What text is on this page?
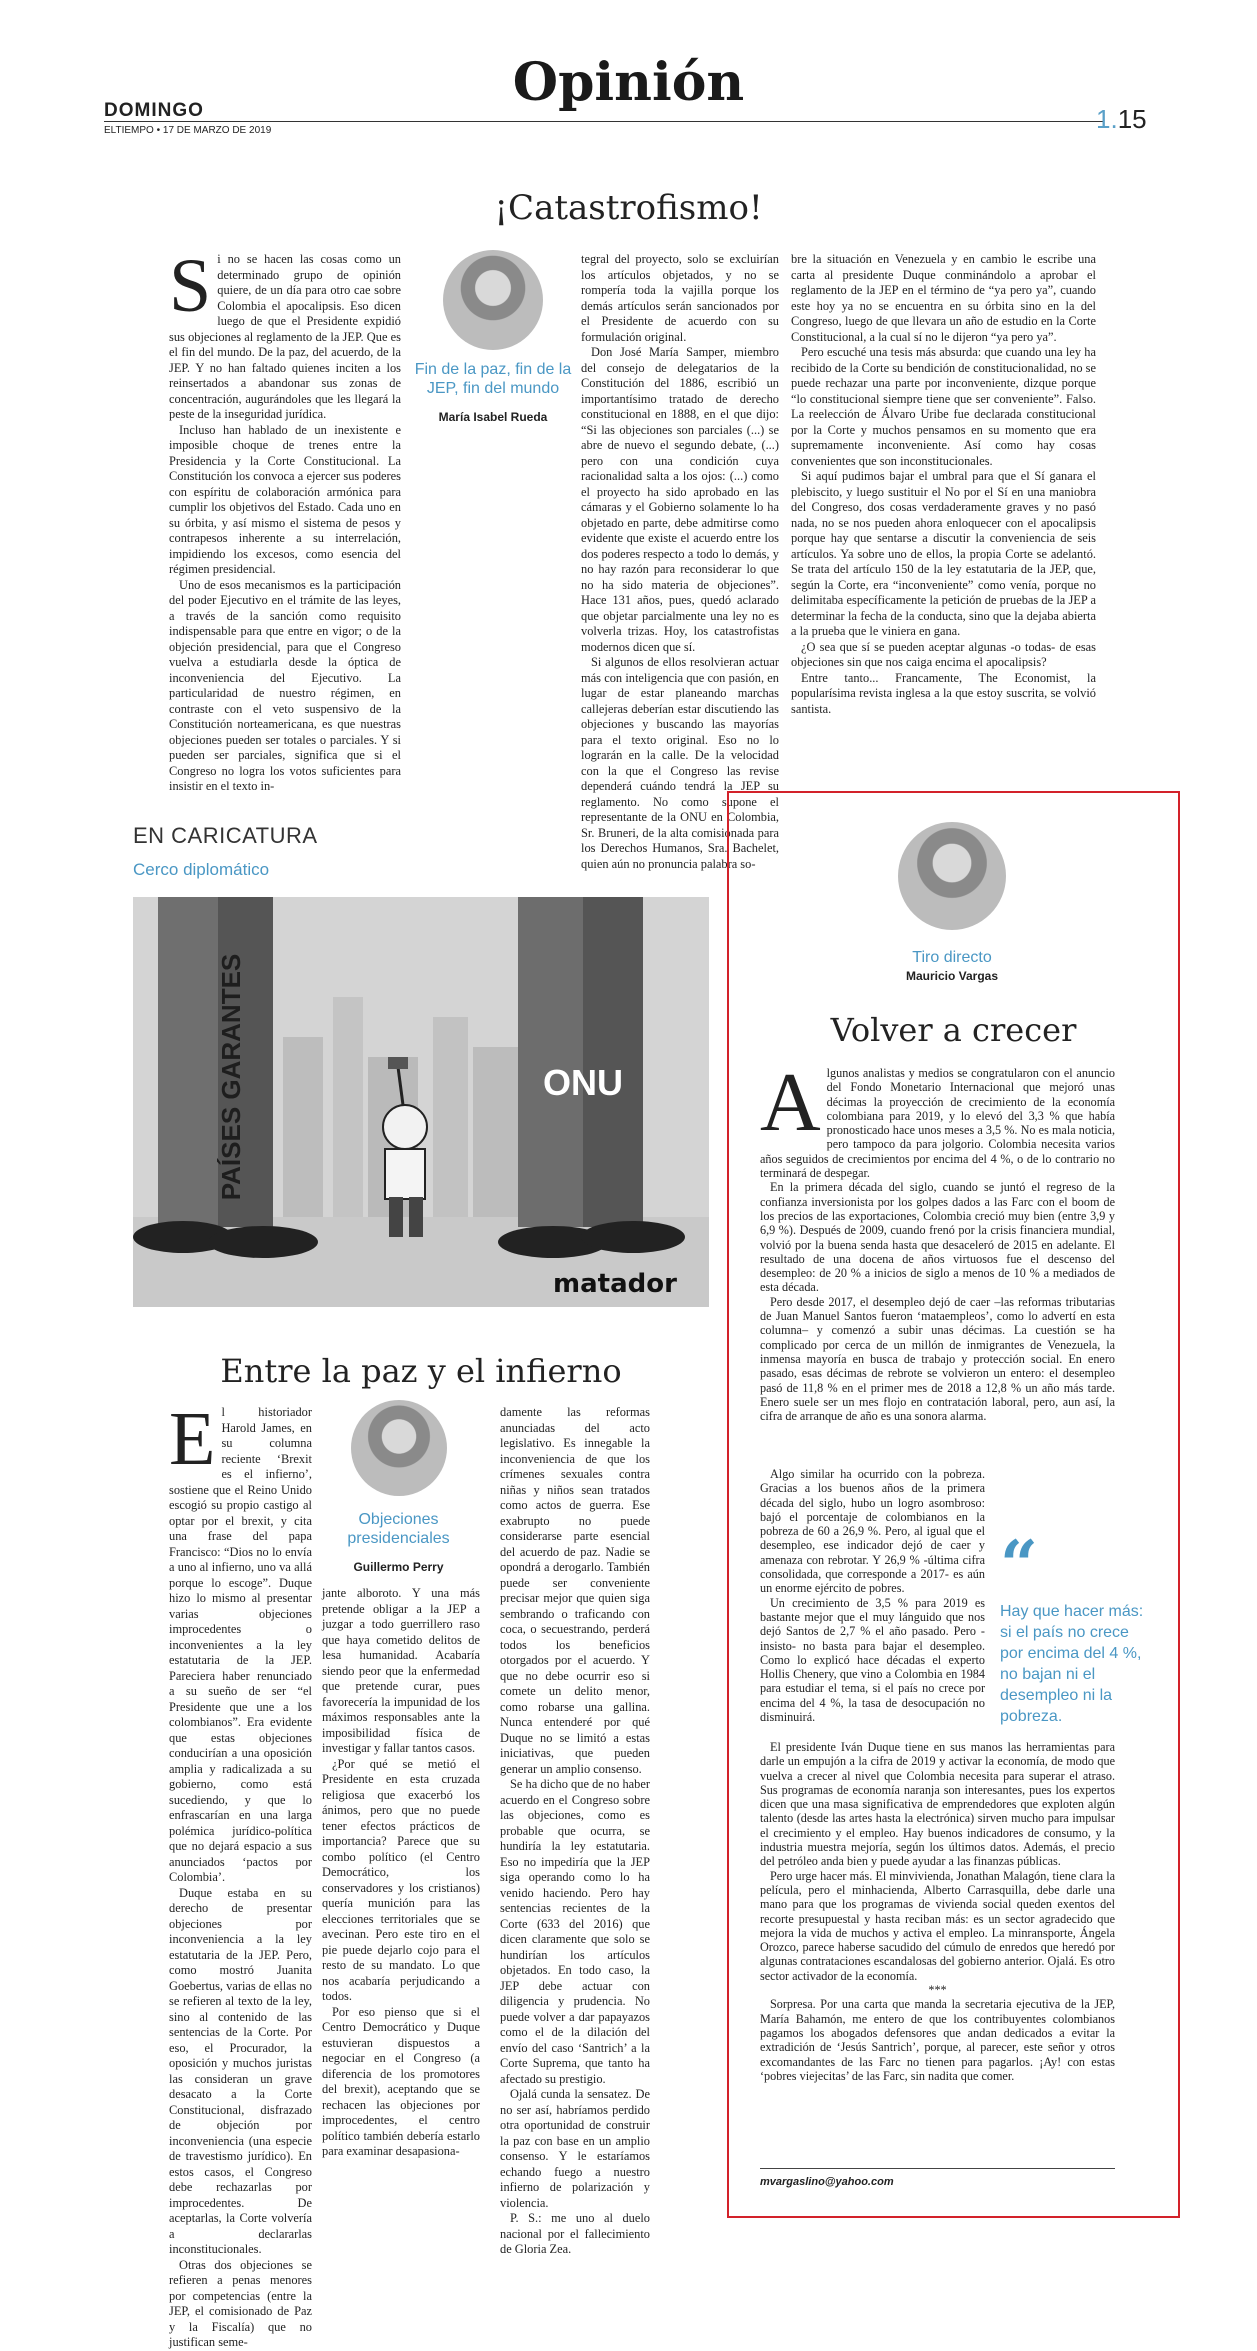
Opinión
DOMINGO
ELTIEMPO • 17 DE MARZO DE 2019	1.15
¡Catastrofismo!

Si no se hacen las cosas como un determinado grupo de opinión quiere, de un día para otro cae sobre Colombia el apocalipsis. Eso dicen luego de que el Presidente expidió sus objeciones al reglamento de la JEP. Que es el fin del mundo. De la paz, del acuerdo, de la JEP. Y no han faltado quienes inciten a los reinsertados a abandonar sus zonas de concentración, augurándoles que les llegará la peste de la inseguridad jurídica.

Incluso han hablado de un inexistente e imposible choque de trenes entre la Presidencia y la Corte Constitucional. La Constitución los convoca a ejercer sus poderes con espíritu de colaboración armónica para cumplir los objetivos del Estado. Cada uno en su órbita, y así mismo el sistema de pesos y contrapesos inherente a su interrelación, impidiendo los excesos, como esencia del régimen presidencial.

Uno de esos mecanismos es la participación del poder Ejecutivo en el trámite de las leyes, a través de la sanción como requisito indispensable para que entre en vigor; o de la objeción presidencial, para que el Congreso vuelva a estudiarla desde la óptica de inconveniencia del Ejecutivo. La particularidad de nuestro régimen, en contraste con el veto suspensivo de la Constitución norteamericana, es que nuestras objeciones pueden ser totales o parciales. Y si pueden ser parciales, significa que si el Congreso no logra los votos suficientes para insistir en el texto in-

Fin de la paz, fin de la JEP, fin del mundo
María Isabel Rueda

tegral del proyecto, solo se excluirían los artículos objetados, y no se rompería toda la vajilla porque los demás artículos serán sancionados por el Presidente de acuerdo con su formulación original.

Don José María Samper, miembro del consejo de delegatarios de la Constitución del 1886, escribió un importantísimo tratado de derecho constitucional en 1888, en el que dijo: “Si las objeciones son parciales (...) se abre de nuevo el segundo debate, (...) pero con una condición cuya racionalidad salta a los ojos: (...) como el proyecto ha sido aprobado en las cámaras y el Gobierno solamente lo ha objetado en parte, debe admitirse como evidente que existe el acuerdo entre los dos poderes respecto a todo lo demás, y no hay razón para reconsiderar lo que no ha sido materia de objeciones”. Hace 131 años, pues, quedó aclarado que objetar parcialmente una ley no es volverla trizas. Hoy, los catastrofistas modernos dicen que sí.

Si algunos de ellos resolvieran actuar más con inteligencia que con pasión, en lugar de estar planeando marchas callejeras deberían estar discutiendo las objeciones y buscando las mayorías para el texto original. Eso no lo lograrán en la calle. De la velocidad con la que el Congreso las revise dependerá cuándo tendrá la JEP su reglamento. No como supone el representante de la ONU en Colombia, Sr. Bruneri, de la alta comisionada para los Derechos Humanos, Sra. Bachelet, quien aún no pronuncia palabra so-

bre la situación en Venezuela y en cambio le escribe una carta al presidente Duque conminándolo a aprobar el reglamento de la JEP en el término de “ya pero ya”, cuando este hoy ya no se encuentra en su órbita sino en la del Congreso, luego de que llevara un año de estudio en la Corte Constitucional, a la cual sí no le dijeron “ya pero ya”.

Pero escuché una tesis más absurda: que cuando una ley ha recibido de la Corte su bendición de constitucionalidad, no se puede rechazar una parte por inconveniente, dizque porque “lo constitucional siempre tiene que ser conveniente”. Falso. La reelección de Álvaro Uribe fue declarada constitucional por la Corte y muchos pensamos en su momento que era supremamente inconveniente. Así como hay cosas convenientes que son inconstitucionales.

Si aquí pudimos bajar el umbral para que el Sí ganara el plebiscito, y luego sustituir el No por el Sí en una maniobra del Congreso, dos cosas verdaderamente graves y no pasó nada, no se nos pueden ahora enloquecer con el apocalipsis porque hay que sentarse a discutir la conveniencia de seis artículos. Ya sobre uno de ellos, la propia Corte se adelantó. Se trata del artículo 150 de la ley estatutaria de la JEP, que, según la Corte, era “inconveniente” como venía, porque no delimitaba específicamente la petición de pruebas de la JEP a determinar la fecha de la conducta, sino que la dejaba abierta a la prueba que le viniera en gana.

¿O sea que sí se pueden aceptar algunas -o todas- de esas objeciones sin que nos caiga encima el apocalipsis?

Entre tanto... Francamente, The Economist, la popularísima revista inglesa a la que estoy suscrita, se volvió santista.

EN CARICATURA
Cerco diplomático
PAÍSES GARANTES	ONU
matador
Entre la paz y el infierno

El historiador Harold James, en su columna reciente ‘Brexit es el infierno’, sostiene que el Reino Unido escogió su propio castigo al optar por el brexit, y cita una frase del papa Francisco: “Dios no lo envía a uno al infierno, uno va allá porque lo escoge”. Duque hizo lo mismo al presentar varias objeciones improcedentes o inconvenientes a la ley estatutaria de la JEP. Pareciera haber renunciado a su sueño de ser “el Presidente que une a los colombianos”. Era evidente que estas objeciones conducirían a una oposición amplia y radicalizada a su gobierno, como está sucediendo, y que lo enfrascarían en una larga polémica jurídico-política que no dejará espacio a sus anunciados ‘pactos por Colombia’.

Duque estaba en su derecho de presentar objeciones por inconveniencia a la ley estatutaria de la JEP. Pero, como mostró Juanita Goebertus, varias de ellas no se refieren al texto de la ley, sino al contenido de las sentencias de la Corte. Por eso, el Procurador, la oposición y muchos juristas las consideran un grave desacato a la Corte Constitucional, disfrazado de objeción por inconveniencia (una especie de travestismo jurídico). En estos casos, el Congreso debe rechazarlas por improcedentes. De aceptarlas, la Corte volvería a declararlas inconstitucionales.

Otras dos objeciones se refieren a penas menores por competencias (entre la JEP, el comisionado de Paz y la Fiscalía) que no justifican seme-

Objeciones presidenciales
Guillermo Perry

jante alboroto. Y una más pretende obligar a la JEP a juzgar a todo guerrillero raso que haya cometido delitos de lesa humanidad. Acabaría siendo peor que la enfermedad que pretende curar, pues favorecería la impunidad de los máximos responsables ante la imposibilidad física de investigar y fallar tantos casos.

¿Por qué se metió el Presidente en esta cruzada religiosa que exacerbó los ánimos, pero que no puede tener efectos prácticos de importancia? Parece que su combo político (el Centro Democrático, los conservadores y los cristianos) quería munición para las elecciones territoriales que se avecinan. Pero este tiro en el pie puede dejarlo cojo para el resto de su mandato. Lo que nos acabaría perjudicando a todos.

Por eso pienso que si el Centro Democrático y Duque estuvieran dispuestos a negociar en el Congreso (a diferencia de los promotores del brexit), aceptando que se rechacen las objeciones por improcedentes, el centro político también debería estarlo para examinar desapasiona-

damente las reformas anunciadas del acto legislativo. Es innegable la inconveniencia de que los crímenes sexuales contra niñas y niños sean tratados como actos de guerra. Ese exabrupto no puede considerarse parte esencial del acuerdo de paz. Nadie se opondrá a derogarlo. También puede ser conveniente precisar mejor que quien siga sembrando o traficando con coca, o secuestrando, perderá todos los beneficios otorgados por el acuerdo. Y que no debe ocurrir eso si comete un delito menor, como robarse una gallina. Nunca entenderé por qué Duque no se limitó a estas iniciativas, que pueden generar un amplio consenso.

Se ha dicho que de no haber acuerdo en el Congreso sobre las objeciones, como es probable que ocurra, se hundiría la ley estatutaria. Eso no impediría que la JEP siga operando como lo ha venido haciendo. Pero hay sentencias recientes de la Corte (633 del 2016) que dicen claramente que solo se hundirían los artículos objetados. En todo caso, la JEP debe actuar con diligencia y prudencia. No puede volver a dar papayazos como el de la dilación del envío del caso ‘Santrich’ a la Corte Suprema, que tanto ha afectado su prestigio.

Ojalá cunda la sensatez. De no ser así, habríamos perdido otra oportunidad de construir la paz con base en un amplio consenso. Y le estaríamos echando fuego a nuestro infierno de polarización y violencia.

P. S.: me uno al duelo nacional por el fallecimiento de Gloria Zea.

Tiro directo
Mauricio Vargas
Volver a crecer

Algunos analistas y medios se congratularon con el anuncio del Fondo Monetario Internacional que mejoró unas décimas la proyección de crecimiento de la economía colombiana para 2019, y lo elevó del 3,3 % que había pronosticado hace unos meses a 3,5 %. No es mala noticia, pero tampoco da para jolgorio. Colombia necesita varios años seguidos de crecimientos por encima del 4 %, o de lo contrario no terminará de despegar.

En la primera década del siglo, cuando se juntó el regreso de la confianza inversionista por los golpes dados a las Farc con el boom de los precios de las exportaciones, Colombia creció muy bien (entre 3,9 y 6,9 %). Después de 2009, cuando frenó por la crisis financiera mundial, volvió por la buena senda hasta que desaceleró de 2015 en adelante. El resultado de una docena de años virtuosos fue el descenso del desempleo: de 20 % a inicios de siglo a menos de 10 % a mediados de esta década.

Pero desde 2017, el desempleo dejó de caer –las reformas tributarias de Juan Manuel Santos fueron ‘mataempleos’, como lo advertí en esta columna– y comenzó a subir unas décimas. La cuestión se ha complicado por cerca de un millón de inmigrantes de Venezuela, la inmensa mayoría en busca de trabajo y protección social. En enero pasado, esas décimas de rebrote se volvieron un entero: el desempleo pasó de 11,8 % en el primer mes de 2018 a 12,8 % un año más tarde. Enero suele ser un mes flojo en contratación laboral, pero, aun así, la cifra de arranque de año es una sonora alarma.

Algo similar ha ocurrido con la pobreza. Gracias a los buenos años de la primera década del siglo, hubo un logro asombroso: bajó el porcentaje de colombianos en la pobreza de 60 a 26,9 %. Pero, al igual que el desempleo, ese indicador dejó de caer y amenaza con rebrotar. Y 26,9 % -última cifra consolidada, que corresponde a 2017- es aún un enorme ejército de pobres.

Un crecimiento de 3,5 % para 2019 es bastante mejor que el muy lánguido que nos dejó Santos de 2,7 % el año pasado. Pero -insisto- no basta para bajar el desempleo. Como lo explicó hace décadas el experto Hollis Chenery, que vino a Colombia en 1984 para estudiar el tema, si el país no crece por encima del 4 %, la tasa de desocupación no disminuirá.

“
Hay que hacer más: si el país no crece por encima del 4 %, no bajan ni el desempleo ni la pobreza.

El presidente Iván Duque tiene en sus manos las herramientas para darle un empujón a la cifra de 2019 y activar la economía, de modo que vuelva a crecer al nivel que Colombia necesita para superar el atraso. Sus programas de economía naranja son interesantes, pues los expertos dicen que una masa significativa de emprendedores que exploten algún talento (desde las artes hasta la electrónica) sirven mucho para impulsar el crecimiento y el empleo. Hay buenos indicadores de consumo, y la industria muestra mejoría, según los últimos datos. Además, el precio del petróleo anda bien y puede ayudar a las finanzas públicas.

Pero urge hacer más. El minvivienda, Jonathan Malagón, tiene clara la película, pero el minhacienda, Alberto Carrasquilla, debe darle una mano para que los programas de vivienda social queden exentos del recorte presupuestal y hasta reciban más: es un sector agradecido que mejora la vida de muchos y activa el empleo. La minransporte, Ángela Orozco, parece haberse sacudido del cúmulo de enredos que heredó por algunas contrataciones escandalosas del gobierno anterior. Ojalá. Es otro sector activador de la economía.

***

Sorpresa. Por una carta que manda la secretaria ejecutiva de la JEP, María Bahamón, me entero de que los contribuyentes colombianos pagamos los abogados defensores que andan dedicados a evitar la extradición de ‘Jesús Santrich’, porque, al parecer, este señor y otros excomandantes de las Farc no tienen para pagarlos. ¡Ay! con estas ‘pobres viejecitas’ de las Farc, sin nadita que comer.

mvargaslino@yahoo.com
